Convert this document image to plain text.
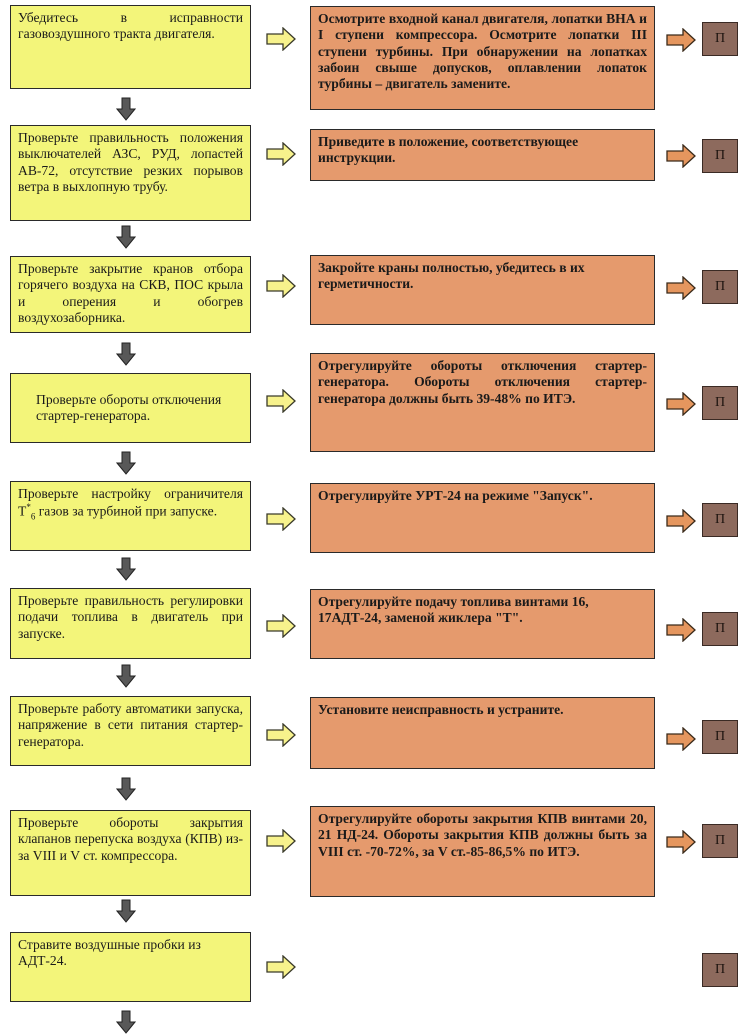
Убедитесь в исправности газовоздушного тракта двигателя.
Осмотрите входной канал двигателя, лопатки ВНА и I ступени компрессора. Осмотрите лопатки III ступени турбины. При обнаружении на лопатках забоин свыше допусков, оплавлении лопаток турбины – двигатель замените.
П
Проверьте правильность положения выключателей АЗС, РУД, лопастей АВ-72, отсутствие резких порывов ветра в выхлопную трубу.
Приведите в положение, соответствующее инструкции.	П
Проверьте закрытие кранов отбора горячего воздуха на СКВ, ПОС крыла и оперения и обогрев воздухозаборника.
Закройте краны полностью, убедитесь в их герметичности.	П
Проверьте обороты отключения стартер-генератора.
Отрегулируйте обороты отключения стартер-генератора. Обороты отключения стартер-генератора должны быть 39-48% по ИТЭ.	П
Проверьте настройку ограничителя $Т^*_6$ газов за турбиной при запуске.
Отрегулируйте УРТ-24 на режиме "Запуск".
П
Проверьте правильность регулировки подачи топлива в двигатель при запуске.
Отрегулируйте подачу топлива винтами 16, 17АДТ-24, заменой жиклера "Т".
П
Проверьте работу автоматики запуска, напряжение в сети питания стартер-генератора.
Установите неисправность и устраните.
П
Проверьте обороты закрытия клапанов перепуска воздуха (КПВ) из-за VIII и V ст. компрессора.
Отрегулируйте обороты закрытия КПВ винтами 20, 21 НД-24. Обороты закрытия КПВ должны быть за VIII ст. -70-72%, за V ст.-85-86,5% по ИТЭ.
П
Стравите воздушные пробки из АДТ-24.
П
